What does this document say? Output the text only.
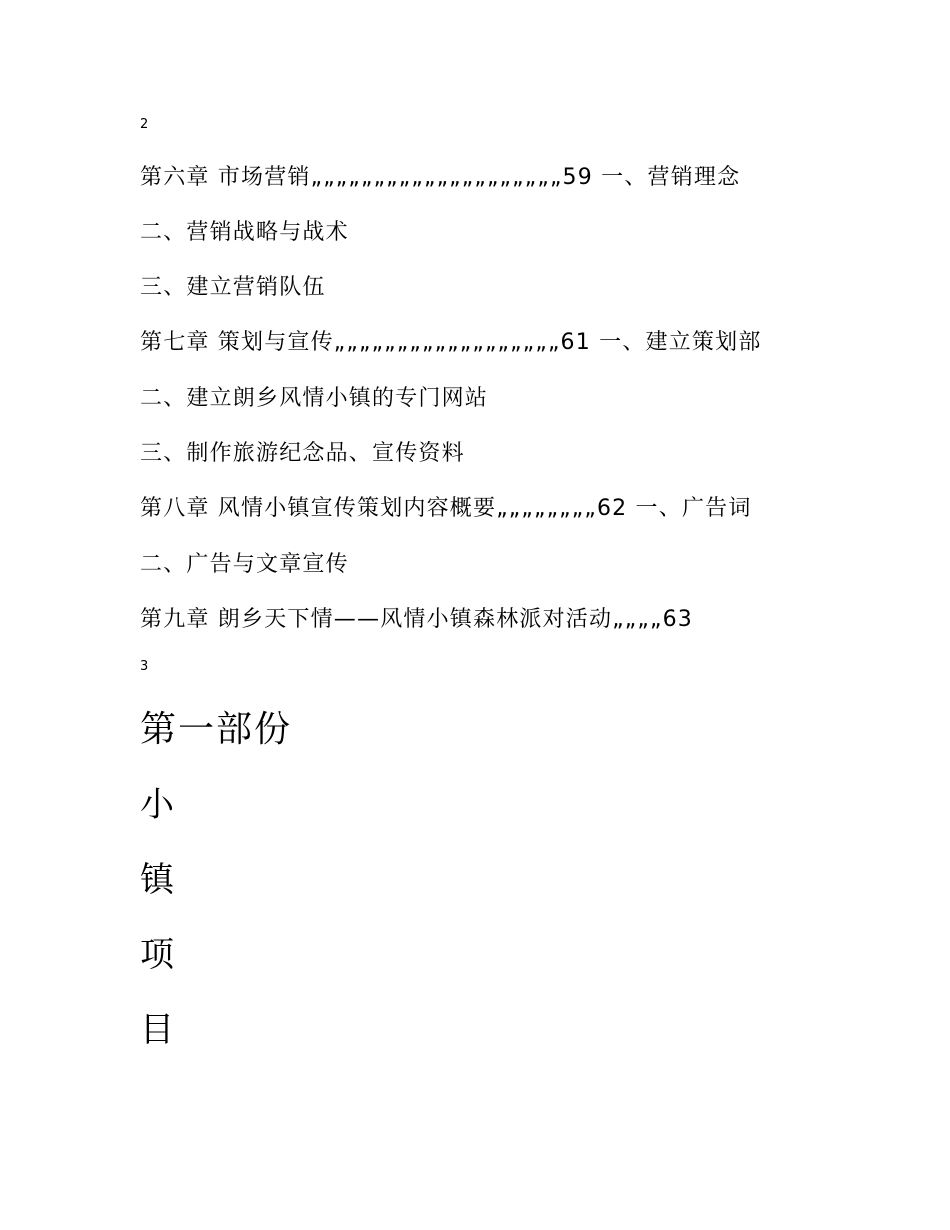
2
第六章 市场营销„„„„„„„„„„„„„„„„„„„„59 一、营销理念
二、营销战略与战术
三、建立营销队伍
第七章 策划与宣传„„„„„„„„„„„„„„„„„„61 一、建立策划部
二、建立朗乡风情小镇的专门网站
三、制作旅游纪念品、宣传资料
第八章 风情小镇宣传策划内容概要„„„„„„„„62 一、广告词
二、广告与文章宣传
第九章 朗乡天下情——风情小镇森林派对活动„„„„63
3
第一部份
小
镇
项
目
